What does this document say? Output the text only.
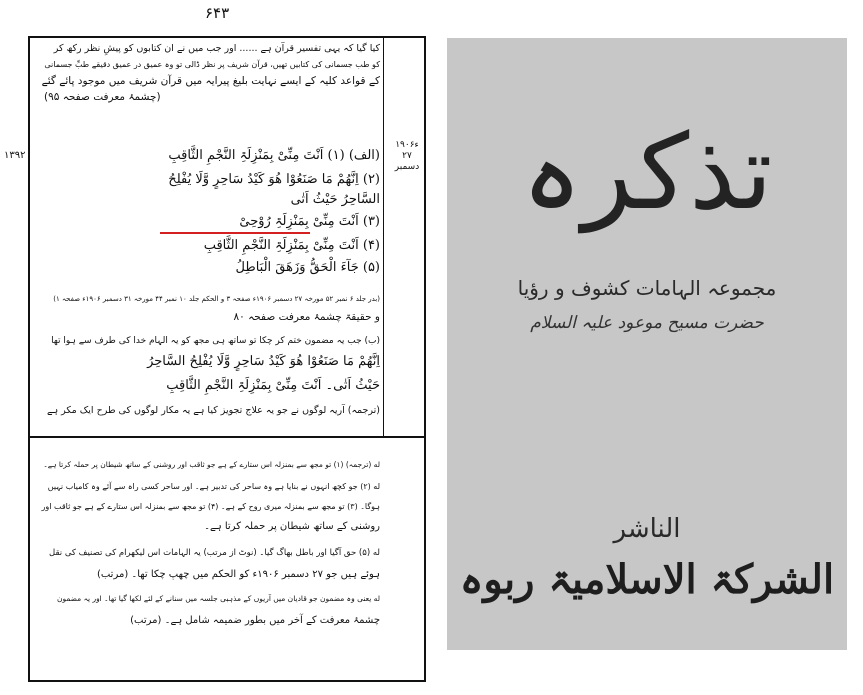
۶۴۳
۱۳۹۲
۱۹۰۶ء ۲۷ دسمبر
کیا گیا کہ یہی تفسیر قرآن ہے ...... اور جب میں نے ان کتابوں کو پیشِ نظر رکھ کر
کو طب جسمانی کی کتابیں تھیں، قرآن شریف پر نظر ڈالی تو وہ عمیق در عمیق دقیقے طبِّ جسمانی
کے قواعد کلیہ کے ایسے نہایت بلیغ پیرایہ میں قرآن شریف میں موجود پائے گئے
(چشمۂ معرفت صفحہ ۹۵)
(الف) (۱) اَنْتَ مِنِّیْ بِمَنْزِلَۃِ النَّجْمِ الثَّاقِبِ
(۲) اِنَّھُمْ مَا صَنَعُوْا ھُوَ کَیْدُ سَاحِرٍ وَّلَا یُفْلِحُ
السَّاحِرُ حَیْثُ اَتٰی
(۳) اَنْتَ مِنِّیْ بِمَنْزِلَۃِ رُوْحِیْ
(۴) اَنْتَ مِنِّیْ بِمَنْزِلَۃِ النَّجْمِ الثَّاقِبِ
(۵) جَآءَ الْحَقُّ وَزَھَقَ الْبَاطِلُ
(بدر جلد ۶ نمبر ۵۲ مورخہ ۲۷ دسمبر ۱۹۰۶ء صفحہ ۳ و الحکم جلد ۱۰ نمبر ۴۴ مورخہ ۳۱ دسمبر ۱۹۰۶ء صفحہ ۱)
و حقیقۃ چشمۂ معرفت صفحہ ۸۰
(ب) جب یہ مضمون ختم کر چکا تو ساتھ ہی مجھ کو یہ الہام خدا کی طرف سے ہوا تھا
اِنَّھُمْ مَا صَنَعُوْا ھُوَ کَیْدُ سَاحِرٍ وَّلَا یُفْلِحُ السَّاحِرُ
حَیْثُ اَتٰی۔ اَنْتَ مِنِّیْ بِمَنْزِلَۃِ النَّجْمِ الثَّاقِبِ
(ترجمہ) آریہ لوگوں نے جو یہ علاج تجویز کیا ہے یہ مکار لوگوں کی طرح ایک مکر ہے
له (ترجمہ) (۱) تو مجھ سے بمنزلہ اس ستارے کے ہے جو ثاقب اور روشنی کے ساتھ شیطان پر حملہ کرتا ہے۔
له (۲) جو کچھ انہوں نے بنایا ہے وہ ساحر کی تدبیر ہے۔ اور ساحر کسی راہ سے آئے وہ کامیاب نہیں
ہوگا۔ (۳) تو مجھ سے بمنزلہ میری روح کے ہے۔ (۴) تو مجھ سے بمنزلہ اس ستارے کے ہے جو ثاقب اور
روشنی کے ساتھ شیطان پر حملہ کرتا ہے۔
له (۵) حق آگیا اور باطل بھاگ گیا۔ (نوٹ از مرتب) یہ الہامات اس لیکھرام کی تصنیف کی نقل
ہوئے ہیں جو ۲۷ دسمبر ۱۹۰۶ء کو الحکم میں چھپ چکا تھا۔ (مرتب)
له یعنی وہ مضمون جو قادیان میں آریوں کے مذہبی جلسہ میں سنانے کے لئے لکھا گیا تھا۔ اور یہ مضمون
چشمۂ معرفت کے آخر میں بطور ضمیمہ شامل ہے۔ (مرتب)
تذکرہ
مجموعہ الہامات کشوف و رؤیا
حضرت مسیح موعود علیہ السلام
الناشر
الشرکۃ الاسلامیۃ ربوہ
